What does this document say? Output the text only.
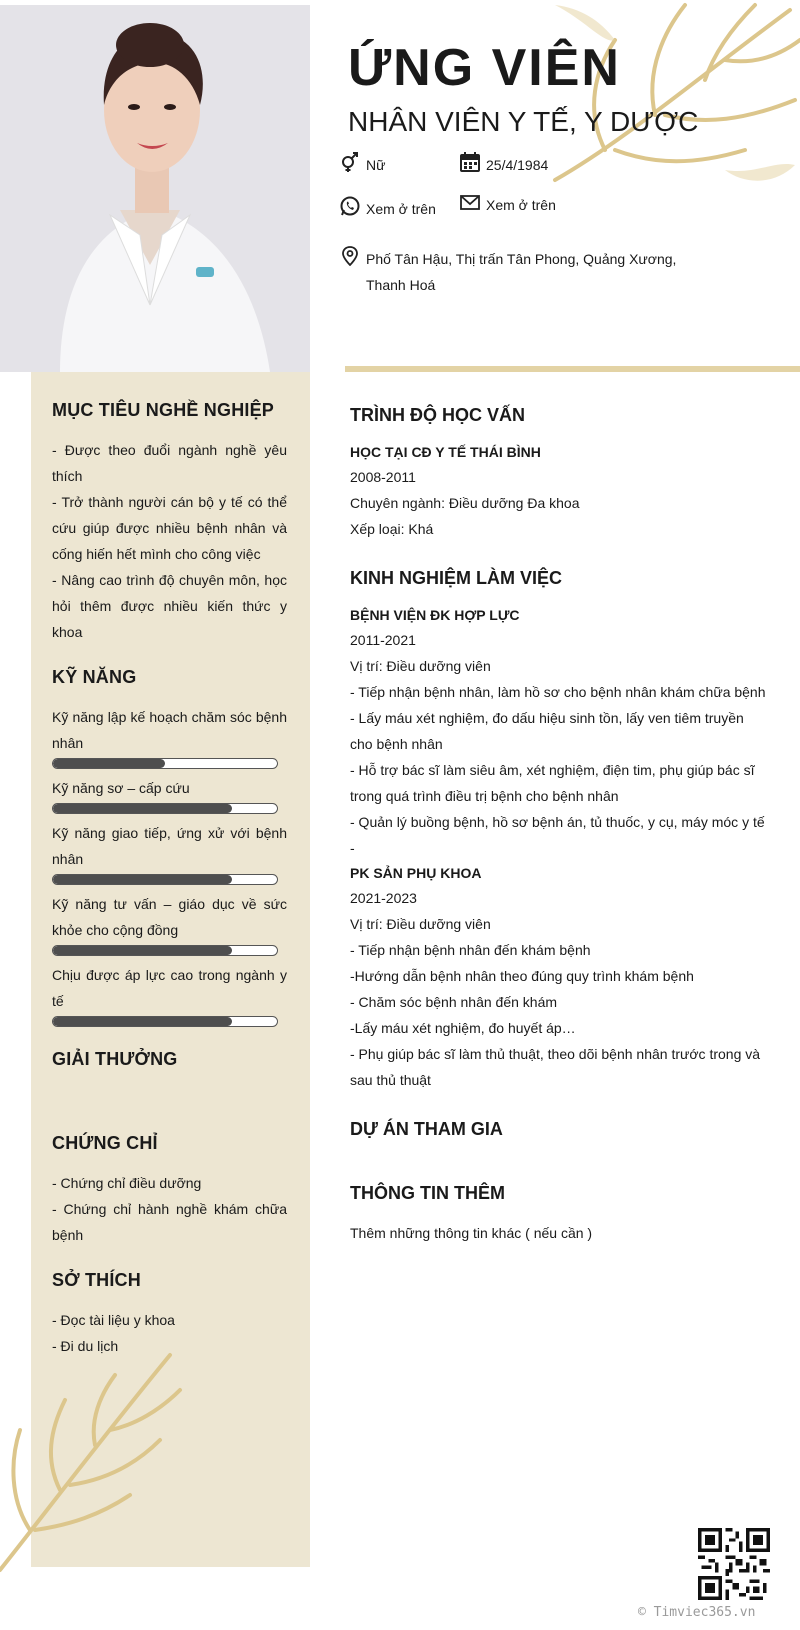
ỨNG VIÊN
NHÂN VIÊN Y TẾ, Y DƯỢC
Nữ	25/4/1984
Xem ở trên	Xem ở trên
Phố Tân Hậu, Thị trấn Tân Phong, Quảng Xương,
Thanh Hoá
MỤC TIÊU NGHỀ NGHIỆP
- Được theo đuổi ngành nghề yêu thích
- Trở thành người cán bộ y tế có thể cứu giúp được nhiều bệnh nhân và cống hiến hết mình cho công việc
- Nâng cao trình độ chuyên môn, học hỏi thêm được nhiều kiến thức y khoa
KỸ NĂNG
Kỹ năng lập kế hoạch chăm sóc bệnh nhân
Kỹ năng sơ – cấp cứu
Kỹ năng giao tiếp, ứng xử với bệnh nhân
Kỹ năng tư vấn – giáo dục về sức khỏe cho cộng đồng
Chịu được áp lực cao trong ngành y tế
GIẢI THƯỞNG
CHỨNG CHỈ
- Chứng chỉ điều dưỡng
- Chứng chỉ hành nghề khám chữa bệnh
SỞ THÍCH
- Đọc tài liệu y khoa
- Đi du lịch
TRÌNH ĐỘ HỌC VẤN
HỌC TẠI CĐ Y TẾ THÁI BÌNH
2008-2011
Chuyên ngành: Điều dưỡng Đa khoa
Xếp loại: Khá
KINH NGHIỆM LÀM VIỆC
BỆNH VIỆN ĐK HỢP LỰC
2011-2021
Vị trí: Điều dưỡng viên
- Tiếp nhận bệnh nhân, làm hồ sơ cho bệnh nhân khám chữa bệnh
- Lấy máu xét nghiệm, đo dấu hiệu sinh tồn, lấy ven tiêm truyền cho bệnh nhân
- Hỗ trợ bác sĩ làm siêu âm, xét nghiệm, điện tim, phụ giúp bác sĩ trong quá trình điều trị bệnh cho bệnh nhân
- Quản lý buồng bệnh, hồ sơ bệnh án, tủ thuốc, y cụ, máy móc y tế
-
PK SẢN PHỤ KHOA
2021-2023
Vị trí: Điều dưỡng viên
- Tiếp nhận bệnh nhân đến khám bệnh
-Hướng dẫn bệnh nhân theo đúng quy trình khám bệnh
- Chăm sóc bệnh nhân đến khám
-Lấy máu xét nghiệm, đo huyết áp…
- Phụ giúp bác sĩ làm thủ thuật, theo dõi bệnh nhân trước trong và sau thủ thuật
DỰ ÁN THAM GIA
THÔNG TIN THÊM
Thêm những thông tin khác ( nếu cần )
© Timviec365.vn
